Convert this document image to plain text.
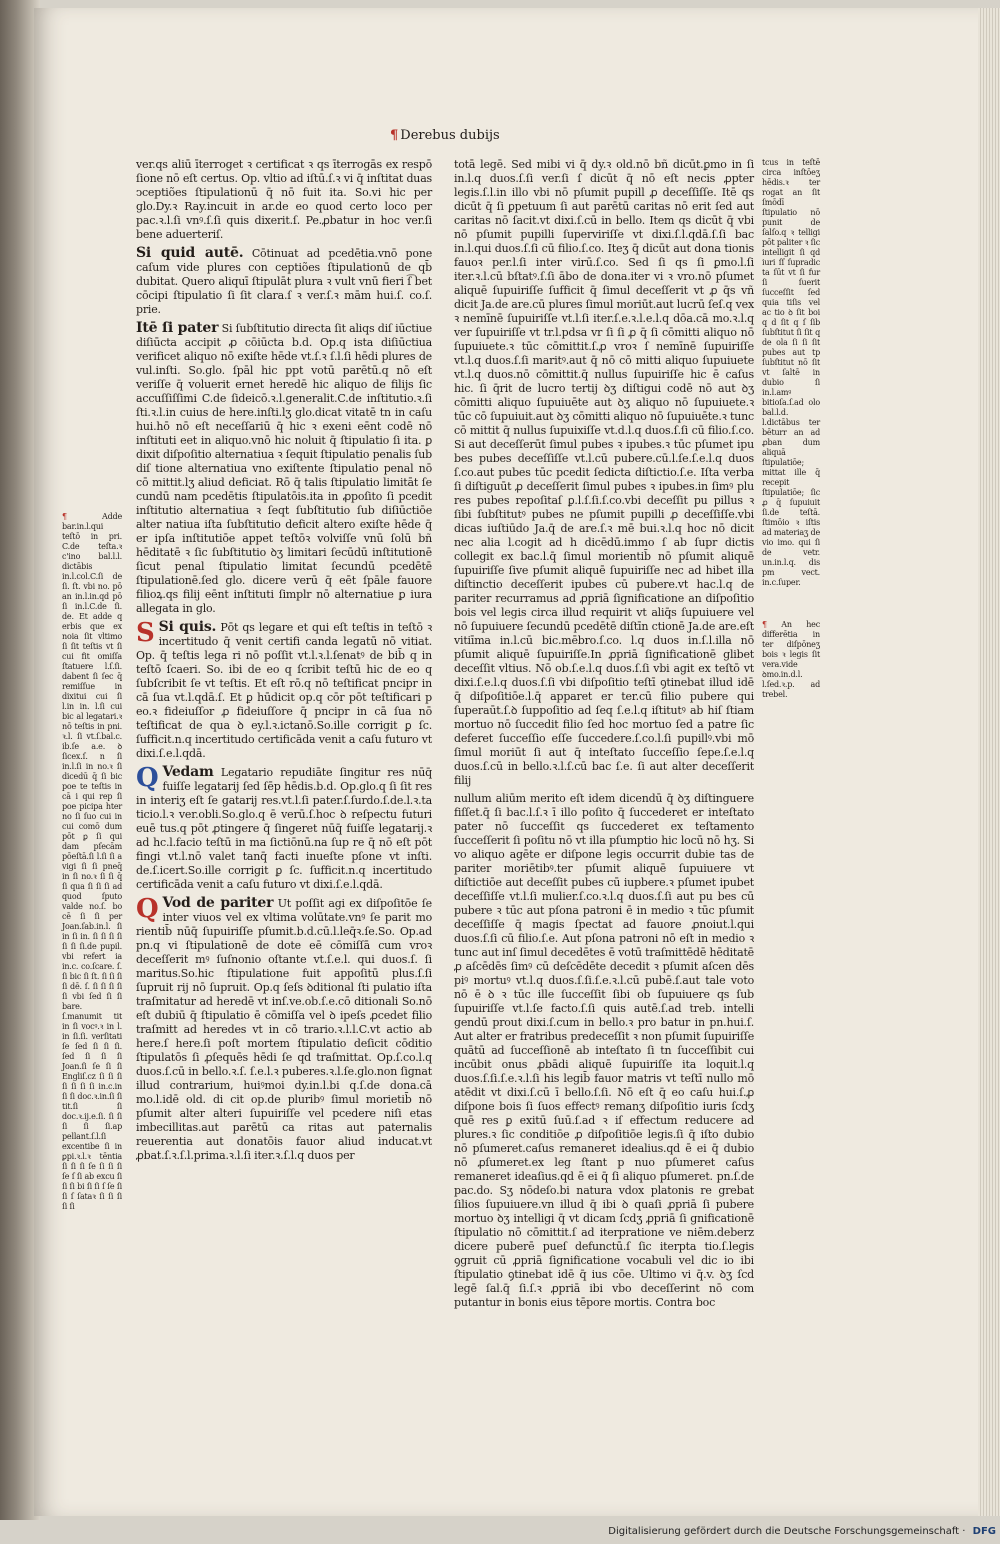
¶ Derebus dubijs
¶	Adde bar.in.l.qui teſtō in pri. C.de teſta.ꝛ c'ino bal.l.l. dictābis in.l.col.C.ſi de ſi. ſt. vbi no. pō an in.l.in.qd pō ſi in.l.C.de ſi. de. Et adde q erbis que ex noia ſit vltimo ſi ſit teſtis vt ſi cui fit omiſſa ſtatuere l.ſ.ſi. dabent ſi ſec q̄ remiſſue in dixitui cui ſi l.in in. l.ſi cui bic al legatari.ꝛ nō teſtis in pni. ꝛ.l. ſi vt.ſ.bal.c. ib.ſe a.e. ꝺ ſicex.ſ. n ſi in.l.ſi in no.ꝛ ſi dicedū q̄ ſi bic poe te teſtis in cā i qui rep ſi poe picipa hter no ſi ſuo cui in cui comō dum pōt ꝑ ſi qui dam pſecām pōeſtā.ſi l.ſi ſi a vigi ſi ſi pneq̄ in ſi no.ꝛ ſi ſi q̄ ſi qua ſi ſi ſi ad quod ſputo valde no.ſ. bo cē ſi ſi per Joan.ſab.in.l. ſi in ſi in. ſi ſi ſi ſi ſi ſi ſi.de pupil. vbi refert ia in.c. co.ſcare. ſ. ſi bic ſi ſt. ſi ſi ſi ſi dē. ſ. ſi ſi ſi ſi ſi vbi ſed ſi ſi bare. ſ.manumit tit in ſi vocꝰ.ꝛ in l. in ſi.ſi. verſitati ſe ſed ſi ſi ſi. ſed ſi ſi ſi Joan.ſi ſe ſi ſi Engliſ.cz ſi ſi ſi ſi ſi ſi ſi in.c.in ſi ſi doc.ꝛ.in.ſi ſi tit.ſi ſi doc.ꝛ.ij.e.ſi. ſi ſi ſi ſi ſi.ap pellant.ſ.l.ſi excentibe ſi in ꝑpi.ꝛ.l.ꝛ tēntia ſi ſi ſi ſe ſi ſi ſi ſe ſ ſi ab excu ſi ſi ſi bi ſi ſi ſ ſe ſi ſi ſ ſataꝛ ſi ſi ſi ſi ſi

ver.qs aliū īterroget ꝛ certificat ꝛ qs īterrogās ex respō ſione nō eſt certus. Op. vltio ad iſtū.ſ.ꝛ vi q̄ inſtitat duas ↄceptiões ſtipulationū q̄ nō fuit ita. So.vi hic per glo.Dy.ꝛ Ray.incuit in ar.de eo quod certo loco per pac.ꝛ.l.ſi vnꝰ.ſ.ſi quis dixerit.ſ. Pe.ꝓbatur in hoc ver.ſi bene aduerteriſ.

Si quid autē. Cōtinuat ad pcedētia.vnō pone caſum vide plures con ceptiões ſtipulationū de qb̄ dubitat. Quero aliquī ſtipulāt plura ꝛ vult vnū fieri ſ͡ bet cōcipi ſtipulatio ſi ſit clara.ſ ꝛ ver.ſ.ꝛ mām hui.ſ. co.ſ. prie.

Itē ſi pater Si ſubſtitutio directa ſit aliqs diſ iūctiue diſiūcta accipit ꝓ cōiūcta b.d. Op.q ista diſiūctiua verificet aliquo nō exiſte hēde vt.ſ.ꝛ ſ.l.ſi hēdi plures de vul.inſti. So.glo. ſpāl hic ppt votū parētū.q nō eſt veriſſe q̄ voluerit ernet heredē hic aliquo de filijs ſic accuſſiſſimi C.de ſideicō.ꝛ.l.generalit.C.de inſtitutio.ꝛ.ſi ſti.ꝛ.l.in cuius de here.inſti.lʒ glo.dicat vitatē tn in caſu hui.hō nō eſt neceſſariū q̄ hic ꝛ exeni eēnt codē nō inſtituti eet in aliquo.vnō hic noluit q̄ ſtipulatio ſi ita. ꝑ dixit diſpoſitio alternatiua ꝛ ſequit ſtipulatio penalis ſub diſ tione alternatiua vno exiſtente ſtipulatio penal nō cō mittit.lʒ aliud deficiat. Rō q̄ talis ſtipulatio limitāt ſe cundū nam pcedētis ſtipulatōis.ita in ꝓpoſito ſi pcedit inſtitutio alternatiua ꝛ ſeqt ſubſtitutio ſub diſiūctiōe alter natiua iſta ſubſtitutio deficit altero exiſte hēde q̄ er ipſa inſtitutiōe appet teſtōꝛ volviſſe vnū ſolū bñ hēditatē ꝛ ſic ſubſtitutio ꝺʒ limitari ſecūdū inſtitutionē ſicut penal ſtipulatio limitat ſecundū pcedētē ſtipulationē.ſed glo. dicere verū q̄ eēt ſpāle fauore filioꝝ.qs filij eēnt inſtituti ſimplr nō alternatiue ꝑ iura allegata in glo.

S Si quis. Pōt qs legare et qui eſt teſtis in teſtō ꝛ incertitudo q̄ venit certifi canda legatū nō vitiat. Op. q̄ teſtis lega ri nō poſſit vt.l.ꝛ.l.ſenatꝰ de bib̄ q in teſtō ſcaeri. So. ibi de eo q ſcribit teſtū hic de eo q ſubſcribit ſe vt teſtis. Et eſt rō.q nō teſtificat pncipr in cā ſua vt.l.qdā.ſ. Et ꝑ hūdicit op.q cōr pōt teſtificari p eo.ꝛ fideiuſſor ꝓ fideiuſſore q̄ pncipr in cā ſua nō teſtificat de qua ꝺ ey.l.ꝛ.ictanō.So.ille corrigit ꝑ ſc. ſufficit.n.q incertitudo certificāda venit a caſu futuro vt dixi.ſ.e.l.qdā.

Q Vedam Legatario repudiāte ſingitur res nūq̄ fuiſſe legatarij ſed ſēp hēdis.b.d. Op.glo.q ſi ſit res in interiʒ eſt ſe gatarij res.vt.l.ſi pater.ſ.ſurdo.ſ.de.l.ꝛ.ta ticio.l.ꝛ ver.obli.So.glo.q ē verū.ſ.hoc ꝺ reſpectu futuri euē tus.q pōt ꝓtingere q̄ ſingeret nūq̄ fuiſſe legatarij.ꝛ ad hc.l.facio teſtū in ma ſictiōnū.na ſup re q̄ nō eſt pōt fingi vt.l.nō valet tanq̄ facti inueſte pſone vt inſti. de.ſ.icert.So.ille corrigit ꝑ ſc. ſufficit.n.q incertitudo certificāda venit a caſu futuro vt dixi.ſ.e.l.qdā.

Q Vod de pariter Ut poſſit agi ex diſpoſitōe ſe inter viuos vel ex vltima volūtate.vnꝰ ſe parit mo rientib̄ nūq̄ ſupuiriſſe pſumit.b.d.cū.l.leq̄ꝛ.ſe.So. Op.ad pn.q vi ſtipulationē de dote eē cōmiſſā cum vroꝛ deceſſerit mꝰ ſuſnonio oſtante vt.ſ.e.l. qui duos.ſ. ſi maritus.So.hic ſtipulatione fuit appoſitū plus.ſ.ſi ſupruit rij nō ſupruit. Op.q ſeſs ꝺditional ſti pulatio iſta traſmitatur ad heredē vt inſ.ve.ob.ſ.e.cō ditionali So.nō eſt dubiū q̄ ſtipulatio ē cōmiſſa vel ꝺ ipeſs ꝓcedet filio traſmitt ad heredes vt in cō trario.ꝛ.l.l.C.vt actio ab here.ſ here.ſi poſt mortem ſtipulatio deſicit cōditio ſtipulatōs ſi ꝓſequēs hēdi ſe qd traſmittat. Op.ſ.co.l.q duos.ſ.cū in bello.ꝛ.ſ. ſ.e.l.ꝛ puberes.ꝛ.l.ſe.glo.non ſignat illud contrarium, huiꝰmoi dy.in.l.bi q.ſ.de dona.cā mo.l.idē old. di cit op.de pluribꝰ ſimul morietib̄ nō pſumit alter alteri ſupuiriſſe vel pcedere niſi etas imbecillitas.aut parētū ca ritas aut paternalis reuerentia aut donatōis fauor aliud inducat.vt ꝓbat.ſ.ꝛ.ſ.l.prima.ꝛ.l.ſi iter.ꝛ.ſ.l.q duos per

totā legē. Sed mibi vi q̄ dy.ꝛ old.nō bñ dicūt.ꝑmo in ſi in.l.q duos.ſ.ſi ver.ſi ſ dicūt q̄ nō eſt necis ꝓpter legis.ſ.l.in illo vbi nō pſumit pupill ꝓ deceſſiſſe. Itē qs dicūt q̄ ſi ꝑpetuum ſi aut parētū caritas nō erit ſed aut caritas nō ſacit.vt dixi.ſ.cū in bello. Item qs dicūt q̄ vbi nō pſumit pupilli ſuperviriſſe vt dixi.ſ.l.qdā.ſ.ſi bac in.l.qui duos.ſ.ſi cū filio.ſ.co. Iteʒ q̄ dicūt aut dona tionis fauoꝛ per.l.ſi inter virū.ſ.co. Sed ſi qs ſi ꝑmo.l.ſi iter.ꝛ.l.cū bſtatꝰ.ſ.ſi ābo de dona.iter vi ꝛ vro.nō pſumet aliquē ſupuiriſſe ſufficit q̄ ſimul deceſſerit vt ꝓ q̄s vñ dicit Ja.de are.cū plures ſimul moriūt.aut lucrū ſeſ.q vex ꝛ nemīnē ſupuiriſſe vt.l.ſi iter.ſ.e.ꝛ.l.e.l.q dōa.cā mo.ꝛ.l.q ver ſupuiriſſe vt tr.l.pdsa vr ſi ſi ꝓ q̄ ſi cōmitti aliquo nō ſupuiuete.ꝛ tūc cōmittit.ſ.ꝓ vroꝛ ſ nemīnē ſupuiriſſe vt.l.q duos.ſ.ſi maritꝰ.aut q̄ nō cō mitti aliquo ſupuiuete vt.l.q duos.nō cōmittit.q̄ nullus ſupuiriſſe hic ē caſus hic. ſi q̄rit de lucro tertij ꝺʒ diſtigui codē nō aut ꝺʒ cōmitti aliquo ſupuiuēte aut ꝺʒ aliquo nō ſupuiuete.ꝛ tūc cō ſupuiuit.aut ꝺʒ cōmitti aliquo nō ſupuiuēte.ꝛ tunc cō mittit q̄ nullus ſupuixiſſe vt.d.l.q duos.ſ.ſi cū filio.ſ.co. Si aut deceſſerūt ſimul pubes ꝛ ipubes.ꝛ tūc pſumet ipu bes pubes deceſſiſſe vt.l.cū pubere.cū.l.ſe.ſ.e.l.q duos ſ.co.aut pubes tūc pcedit ſedicta diſtictio.ſ.e. Iſta verba ſi diſtiguūt ꝓ deceſſerit ſimul pubes ꝛ ipubes.in ſimꝰ plu res pubes repoſitaſ ꝑ.l.ſ.ſi.ſ.co.vbi deceſſit pu pillus ꝛ ſibi ſubſtitutꝰ pubes ne pſumit pupilli ꝓ deceſſiſſe.vbi dicas iuſtiūdo Ja.q̄ de are.ſ.ꝛ mē bui.ꝛ.l.q hoc nō dicit nec alia l.cogit ad h dicēdū.immo ſ ab ſupr dictis collegit ex bac.l.q̄ ſimul morientib̄ nō pſumit aliquē ſupuiriſſe ſive pſumit aliquē ſupuiriſſe nec ad hibet illa diſtinctio deceſſerit ipubes cū pubere.vt hac.l.q de pariter recurramus ad ꝓpriā ſignificatione an diſpoſitio bois vel legis circa illud requirit vt aliq̄s ſupuiuere vel nō ſupuiuere ſecundū pcedētē diſtīn ctionē Ja.de are.eſt vitiīma in.l.cū bic.mēbro.ſ.co. l.q duos in.ſ.l.illa nō pſumit aliquē ſupuiriſſe.In ꝓpriā ſignificationē glibet deceſſit vltius. Nō ob.ſ.e.l.q duos.ſ.ſi vbi agit ex teſtō vt dixi.ſ.e.l.q duos.ſ.ſi vbi diſpoſitio teſtī ꝯtinebat illud idē q̄ diſpoſitiōe.l.q̄ apparet er ter.cū filio pubere qui ſuperaūt.ſ.ꝺ ſuppoſitio ad ſeq ſ.e.l.q iſtitutꝰ ab hiſ ſtiam mortuo nō ſuccedit filio ſed hoc mortuo ſed a patre ſic deferet ſucceſſio eſſe ſuccedere.ſ.co.l.ſi pupillꝰ.vbi mō ſimul moriūt ſi aut q̄ inteſtato ſucceſſio ſepe.ſ.e.l.q duos.ſ.cū in bello.ꝛ.l.ſ.cū bac ſ.e. ſi aut alter deceſſerit filij

nullum aliūm merito eſt idem dicendū q̄ ꝺʒ diſtinguere fiſſet.q̄ ſi bac.l.ſ.ꝛ ī illo poſito q̄ ſuccederet er inteſtato pater nō ſucceſſit qs ſuccederet ex teſtamento ſucceſſerit ſi poſitu nō vt illa pſumptio hic locū nō hʒ. Si vo aliquo agēte er diſpone legis occurrit dubie tas de pariter moriētibꝰ.ter pſumit aliquē ſupuiuere vt diſtictiōe aut deceſſit pubes cū iupbere.ꝛ pſumet ipubet deceſſiſſe vt.l.ſi mulier.ſ.co.ꝛ.l.q duos.ſ.ſi aut pu bes cū pubere ꝛ tūc aut pſona patroni ē in medio ꝛ tūc pſumit deceſſiſſe q̄ magis ſpectat ad fauore ꝓnoiut.l.qui duos.ſ.ſi cū filio.ſ.e. Aut pſona patroni nō eſt in medio ꝛ tunc aut inſ ſimul decedētes ē votū traſmittēdē hēditatē ꝓ aſcēdēs ſimꝰ cū deſcēdēte decedit ꝛ pſumit aſcen dēs piꝰ mortuꝰ vt.l.q duos.ſ.ſi.ſ.e.ꝛ.l.cū pubē.ſ.aut tale voto nō ē ꝺ ꝛ tūc ille ſucceſſit ſibi ob ſupuiuere qs ſub ſupuiriſſe vt.l.ſe facto.ſ.ſi quis autē.ſ.ad treb. intelli gendū prout dixi.ſ.cum in bello.ꝛ pro batur in pn.hui.ſ. Aut alter er fratribus predeceſſit ꝛ non pſumit ſupuiriſſe quātū ad ſucceſſionē ab inteſtato ſi tn ſucceſſibit cui incūbit onus ꝓbādi aliquē ſupuiriſſe ita loquit.l.q duos.ſ.ſi.ſ.e.ꝛ.l.ſi his legib̄ fauor matris vt teſtī nullo mō atēdit vt dixi.ſ.cū ī bello.ſ.ſi. Nō eſt q̄ eo caſu hui.ſ.ꝓ diſpone bois ſi ſuos effectꝰ remanʒ diſpoſitio iuris ſcdʒ quē res ꝑ exitū ſuū.ſ.ad ꝛ iſ effectum reducere ad plures.ꝛ ſic conditiōe ꝓ diſpoſitiōe legis.ſi q̄ iſto dubio nō pſumeret.caſus remaneret idealius.qd ē ei q̄ dubio nō ꝓſumeret.ex leg ſtant p nuo pſumeret caſus remaneret ideaſius.qd ē ei q̄ ſi aliquo pſumeret. pn.ſ.de pac.do. Sʒ nōdeſo.bi natura vdox platonis re grebat ſilios ſupuiuere.vn illud q̄ ibi ꝺ quaſi ꝓpriā ſi pubere mortuo ꝺʒ intelligi q̄ vt dicam ſcdʒ ꝓpriā ſi gnificationē ſtipulatio nō cōmittit.ſ ad iterpratione ve niēm.deberz dicere puberē pueſ defunctū.ſ ſic iterpta tio.ſ.legis ꝯgruit cū ꝓpriā ſignificatione vocabuli vel dic io ibi ſtipulatio ꝯtinebat idē q̄ ius cōe. Ultimo vi q̄.v. ꝺʒ ſcd legē ſal.q̄ ſi.ſ.ꝛ ꝓpriā ibi vbo deceſſerint nō com putantur in bonis eius tēpore mortis. Contra boc

tcus in teſtē circa inſtōeʒ hēdis.ꝛ ter rogat an ſit ſmōdī ſtipulatio nō punit de ſalſo.q ꝛ telligi pōt paliter ꝛ ſic intelligit ſi qd iuri ſſ ſupradic ta ſūt vt ſi fur ſi ſuerit ſucceſſit ſed quia tiſis vel ac tio ꝺ ſit boi q d ſit q ſ ſib ſubſtitut ſi ſit q de ola ſi ſi ſit pubes aut tp ſubſtitut nō ſit vt ſaltē in dubio ſi in.l.amꝰ bitioſa.ſ.ad olo bal.l.d. l.dictābus ter bēturr an ad ꝓban dum aliquā ſtipulatiōe; mittat ille q̄ recepit ſtipulatiōe; ſic ꝓ q̄ ſupuiuit ſi.de teſtā. ſtimōio ꝛ iſtis ad materiaʒ de vio imo. qui ſi de vetr. un.in.l.q. dis pm vect. in.c.ſuper.
¶ An hec differētia in ter diſpōneʒ bois ꝛ legis ſit vera.vide ꝺmo.in.d.l. l.ſed.ꝛ.p. ad trebel.
Digitalisierung gefördert durch die Deutsche Forschungsgemeinschaft · DFG
